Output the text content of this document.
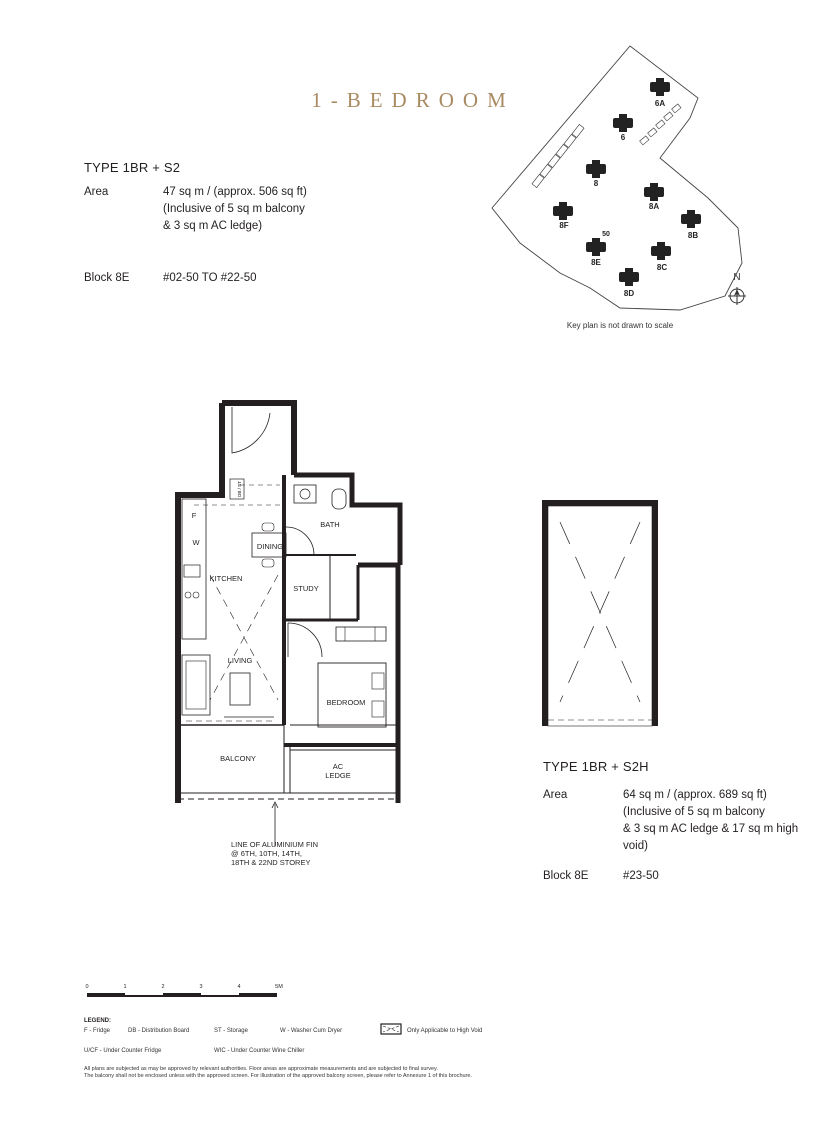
1-BEDROOM
TYPE 1BR + S2
Area	47 sq m / (approx. 506 sq ft)
(Inclusive of 5 sq m balcony
& 3 sq m AC ledge)
Block 8E	#02-50 TO #22-50
6A
6
8
8A
8B
8C
8D
8E
8F
50
N
Key plan is not drawn to scale
DB / ST
F
W	DINING
KITCHEN
LIVING
STUDY
BATH
BEDROOM
BALCONY
AC
LEDGE
LINE OF ALUMINIUM FIN
@ 6TH, 10TH, 14TH,
18TH & 22ND STOREY
TYPE 1BR + S2H
Area	64 sq m / (approx. 689 sq ft)
(Inclusive of 5 sq m balcony
& 3 sq m AC ledge & 17 sq m high
void)
Block 8E	#23-50
0	1	2	3	4	5M
LEGEND:
F - Fridge	DB - Distribution Board	ST - Storage	W - Washer Cum Dryer	Only Applicable to High Void
U/CF - Under Counter Fridge	WIC - Under Counter Wine Chiller
All plans are subjected as may be approved by relevant authorities. Floor areas are approximate measurements and are subjected to final survey.
The balcony shall not be enclosed unless with the approved screen. For illustration of the approved balcony screen, please refer to Annexure 1 of this brochure.
